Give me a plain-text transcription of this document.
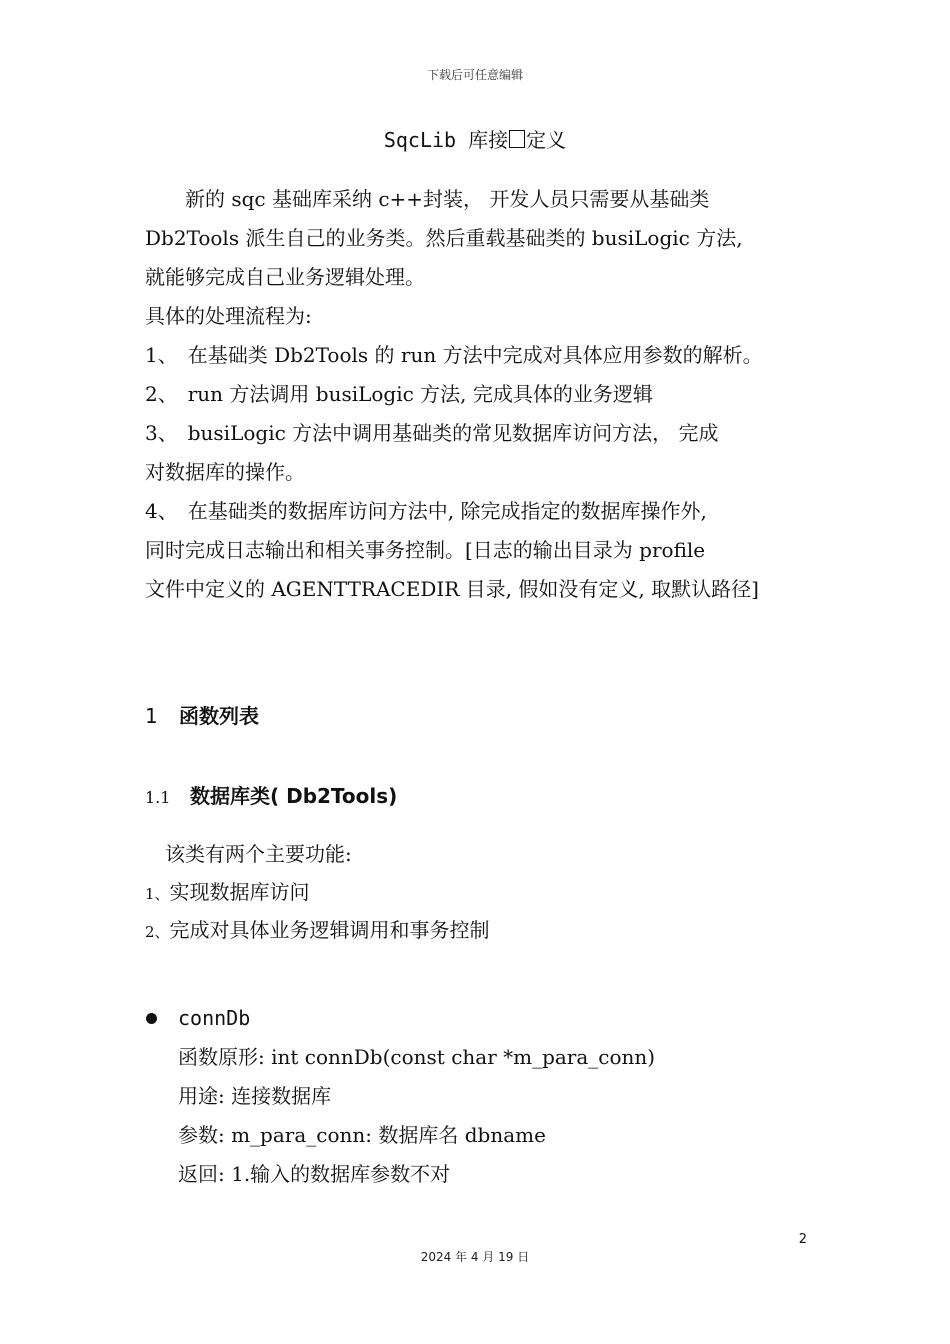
下载后可任意编辑
SqcLib 库接 定义
　　新的 sqc 基础库采纳 c++封装， 开发人员只需要从基础类
Db2Tools 派生自己的业务类。然后重载基础类的 busiLogic 方法,
就能够完成自己业务逻辑处理。
具体的处理流程为:
1、　在基础类 Db2Tools 的 run 方法中完成对具体应用参数的解析。
2、　run 方法调用 busiLogic 方法, 完成具体的业务逻辑
3、　busiLogic 方法中调用基础类的常见数据库访问方法， 完成
对数据库的操作。
4、　在基础类的数据库访问方法中, 除完成指定的数据库操作外,
同时完成日志输出和相关事务控制。[日志的输出目录为 profile
文件中定义的 AGENTTRACEDIR 目录, 假如没有定义, 取默认路径]
1 函数列表
1.1 数据库类( Db2Tools)
　该类有两个主要功能:
1、实现数据库访问
2、完成对具体业务逻辑调用和事务控制
connDb
函数原形: int connDb(const char *m_para_conn)
用途: 连接数据库
参数: m_para_conn: 数据库名 dbname
返回: 1.输入的数据库参数不对
2
2024 年 4 月 19 日
